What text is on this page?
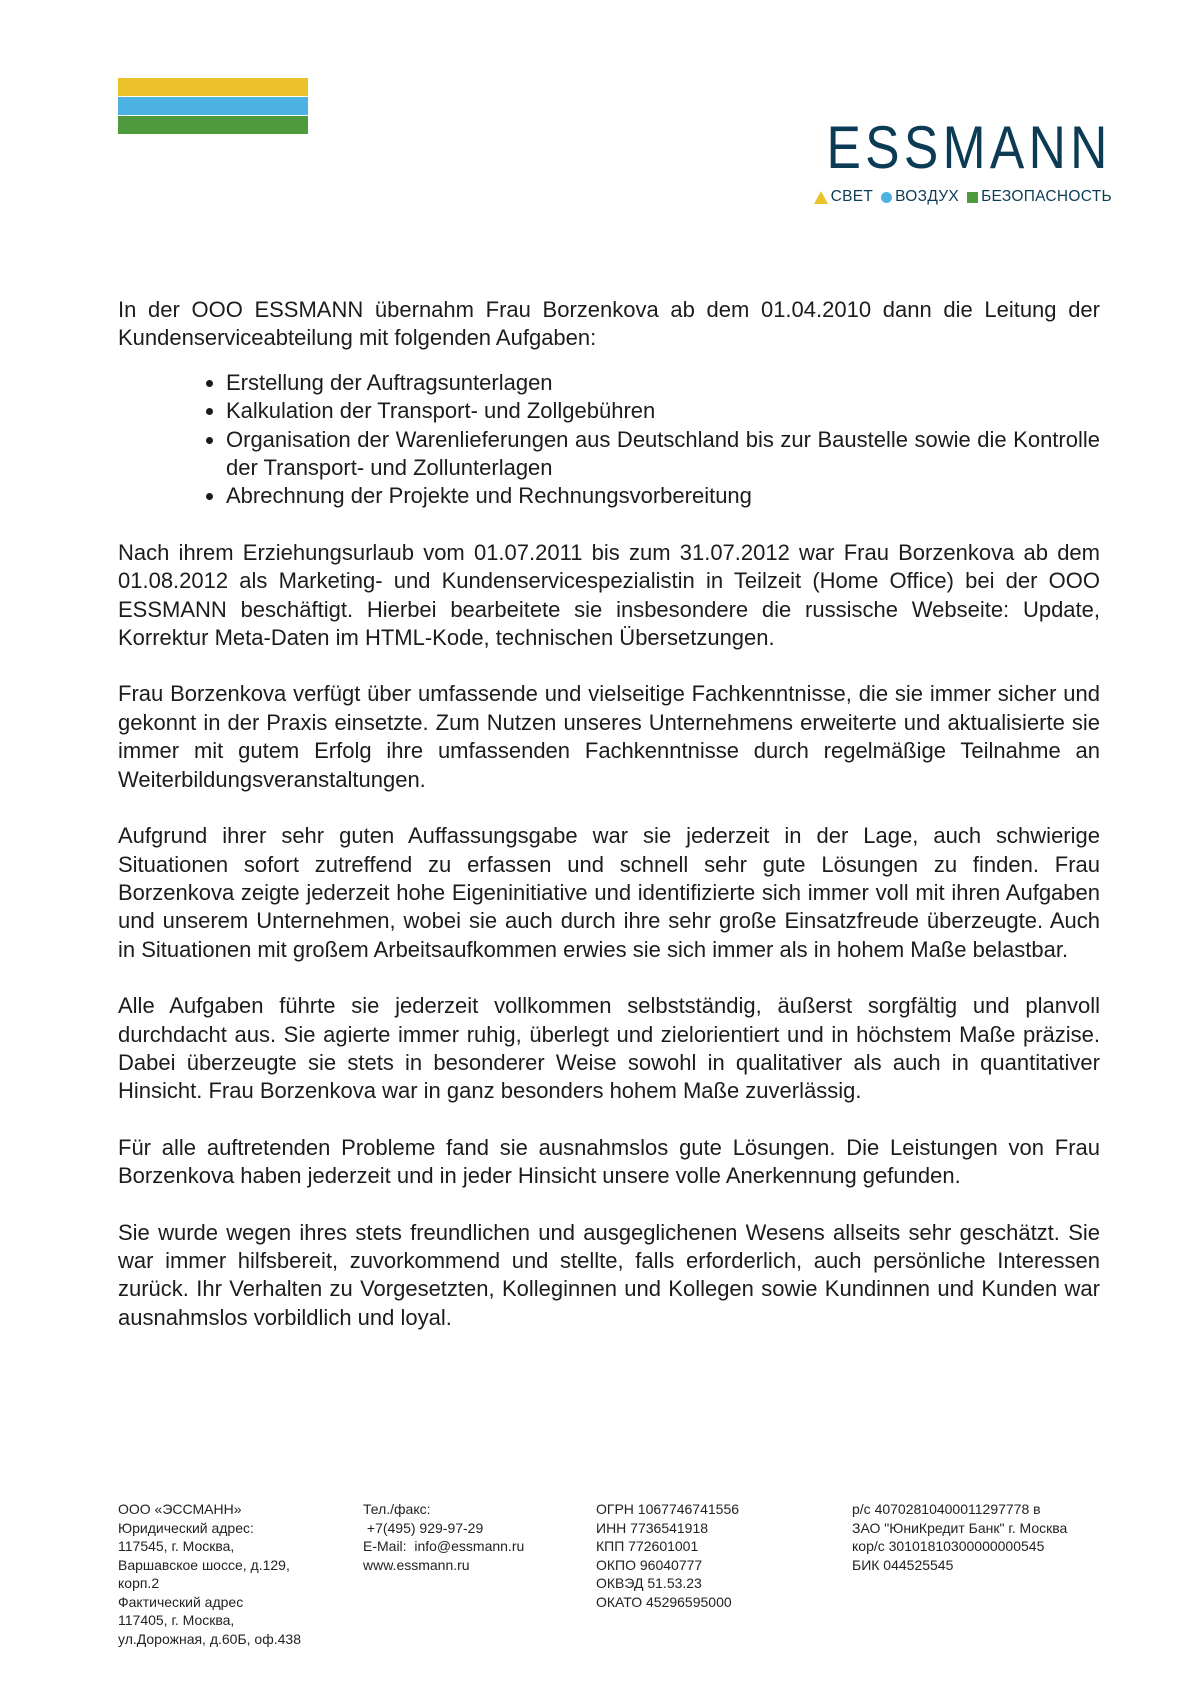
ESSMANN
СВЕТ ВОЗДУХ БЕЗОПАСНОСТЬ

In der OOO ESSMANN übernahm Frau Borzenkova ab dem 01.04.2010 dann die Leitung der Kundenserviceabteilung mit folgenden Aufgaben:

• Erstellung der Auftragsunterlagen
• Kalkulation der Transport- und Zollgebühren
• Organisation der Warenlieferungen aus Deutschland bis zur Baustelle sowie die Kontrolle der Transport- und Zollunterlagen
• Abrechnung der Projekte und Rechnungsvorbereitung

Nach ihrem Erziehungsurlaub vom 01.07.2011 bis zum 31.07.2012 war Frau Borzenkova ab dem 01.08.2012 als Marketing- und Kundenservicespezialistin in Teilzeit (Home Office) bei der OOO ESSMANN beschäftigt. Hierbei bearbeitete sie insbesondere die russische Webseite: Update, Korrektur Meta-Daten im HTML-Kode, technischen Übersetzungen.

Frau Borzenkova verfügt über umfassende und vielseitige Fachkenntnisse, die sie immer sicher und gekonnt in der Praxis einsetzte. Zum Nutzen unseres Unternehmens erweiterte und aktualisierte sie immer mit gutem Erfolg ihre umfassenden Fachkenntnisse durch regelmäßige Teilnahme an Weiterbildungsveranstaltungen.

Aufgrund ihrer sehr guten Auffassungsgabe war sie jederzeit in der Lage, auch schwierige Situationen sofort zutreffend zu erfassen und schnell sehr gute Lösungen zu finden. Frau Borzenkova zeigte jederzeit hohe Eigeninitiative und identifizierte sich immer voll mit ihren Aufgaben und unserem Unternehmen, wobei sie auch durch ihre sehr große Einsatzfreude überzeugte. Auch in Situationen mit großem Arbeitsaufkommen erwies sie sich immer als in hohem Maße belastbar.

Alle Aufgaben führte sie jederzeit vollkommen selbstständig, äußerst sorgfältig und planvoll durchdacht aus. Sie agierte immer ruhig, überlegt und zielorientiert und in höchstem Maße präzise. Dabei überzeugte sie stets in besonderer Weise sowohl in qualitativer als auch in quantitativer Hinsicht. Frau Borzenkova war in ganz besonders hohem Maße zuverlässig.

Für alle auftretenden Probleme fand sie ausnahmslos gute Lösungen. Die Leistungen von Frau Borzenkova haben jederzeit und in jeder Hinsicht unsere volle Anerkennung gefunden.

Sie wurde wegen ihres stets freundlichen und ausgeglichenen Wesens allseits sehr geschätzt. Sie war immer hilfsbereit, zuvorkommend und stellte, falls erforderlich, auch persönliche Interessen zurück. Ihr Verhalten zu Vorgesetzten, Kolleginnen und Kollegen sowie Kundinnen und Kunden war ausnahmslos vorbildlich und loyal.

ООО «ЭССМАНН»
Юридический адрес:
117545, г. Москва,
Варшавское шоссе, д.129,
корп.2
Фактический адрес
117405, г. Москва,
ул.Дорожная, д.60Б, оф.438
Тел./факс:
+7(495) 929-97-29
E-Mail:  info@essmann.ru
www.essmann.ru
ОГРН 1067746741556
ИНН 7736541918
КПП 772601001
ОКПО 96040777
ОКВЭД 51.53.23
ОКАТО 45296595000
р/с 40702810400011297778 в
ЗАО "ЮниКредит Банк" г. Москва
кор/с 30101810300000000545
БИК 044525545
